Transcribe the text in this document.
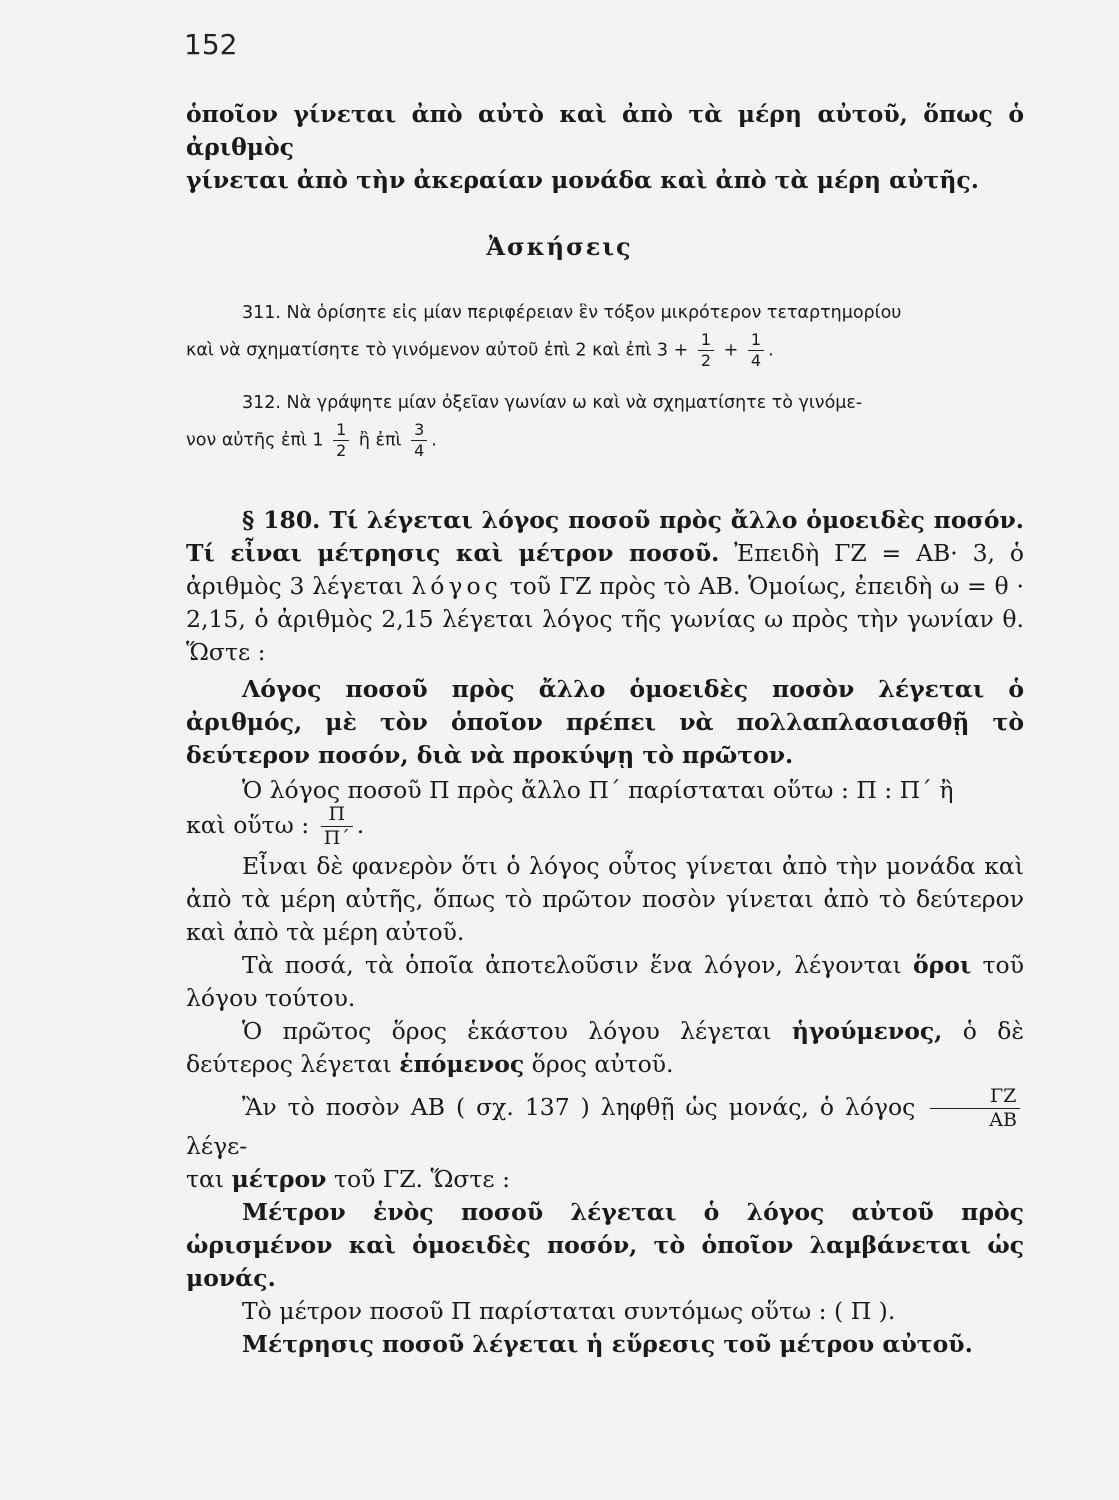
152

ὁποῖον γίνεται ἀπὸ αὐτὸ καὶ ἀπὸ τὰ μέρη αὐτοῦ, ὅπως ὁ ἀριθμὸς

γίνεται ἀπὸ τὴν ἀκεραίαν μονάδα καὶ ἀπὸ τὰ μέρη αὐτῆς.

Ἀσκήσεις

311. Νὰ ὁρίσητε εἰς μίαν περιφέρειαν ἓν τόξον μικρότερον τεταρτημορίου

καὶ νὰ σχηματίσητε τὸ γινόμενον αὐτοῦ ἐπὶ 2 καὶ ἐπὶ $3 + \frac{1}{2} + \frac{1}{4}$ .

312. Νὰ γράψητε μίαν ὀξεῖαν γωνίαν ω καὶ νὰ σχηματίσητε τὸ γινόμε-

νον αὐτῆς ἐπὶ $1 \frac{1}{2}$ ἢ ἐπὶ $\frac{3}{4}$ .

§ 180. Τί λέγεται λόγος ποσοῦ πρὸς ἄλλο ὁμοειδὲς ποσόν. Τί εἶναι μέτρησις καὶ μέτρον ποσοῦ. Ἐπειδὴ ΓΖ = ΑΒ· 3, ὁ ἀριθμὸς 3 λέγεται λόγος τοῦ ΓΖ πρὸς τὸ ΑΒ. Ὁμοίως, ἐπειδὴ ω = θ · 2,15, ὁ ἀριθμὸς 2,15 λέγεται λόγος τῆς γωνίας ω πρὸς τὴν γωνίαν θ. Ὥστε :

Λόγος ποσοῦ πρὸς ἄλλο ὁμοειδὲς ποσὸν λέγεται ὁ ἀριθμός, μὲ τὸν ὁποῖον πρέπει νὰ πολλαπλασιασθῇ τὸ δεύτερον ποσόν, διὰ νὰ προκύψῃ τὸ πρῶτον.

Ὁ λόγος ποσοῦ Π πρὸς ἄλλο Π΄ παρίσταται οὕτω : Π : Π΄ ἢ

καὶ οὕτω : $\frac{\Pi}{\Pi΄}$ .

Εἶναι δὲ φανερὸν ὅτι ὁ λόγος οὗτος γίνεται ἀπὸ τὴν μονάδα καὶ ἀπὸ τὰ μέρη αὐτῆς, ὅπως τὸ πρῶτον ποσὸν γίνεται ἀπὸ τὸ δεύτερον καὶ ἀπὸ τὰ μέρη αὐτοῦ.

Τὰ ποσά, τὰ ὁποῖα ἀποτελοῦσιν ἕνα λόγον, λέγονται ὅροι τοῦ λόγου τούτου.

Ὁ πρῶτος ὅρος ἑκάστου λόγου λέγεται ἡγούμενος, ὁ δὲ δεύτερος λέγεται ἑπόμενος ὅρος αὐτοῦ.

Ἂν τὸ ποσὸν ΑΒ ( σχ. 137 ) ληφθῇ ὡς μονάς, ὁ λόγος $\frac{\Gamma Z}{AB}$
λέγε-

ται μέτρον τοῦ ΓΖ. Ὥστε :

Μέτρον ἑνὸς ποσοῦ λέγεται ὁ λόγος αὐτοῦ πρὸς ὡρισμένον καὶ ὁμοειδὲς ποσόν, τὸ ὁποῖον λαμβάνεται ὡς μονάς.

Τὸ μέτρον ποσοῦ Π παρίσταται συντόμως οὕτω : ( Π ).

Μέτρησις ποσοῦ λέγεται ἡ εὕρεσις τοῦ μέτρου αὐτοῦ.
